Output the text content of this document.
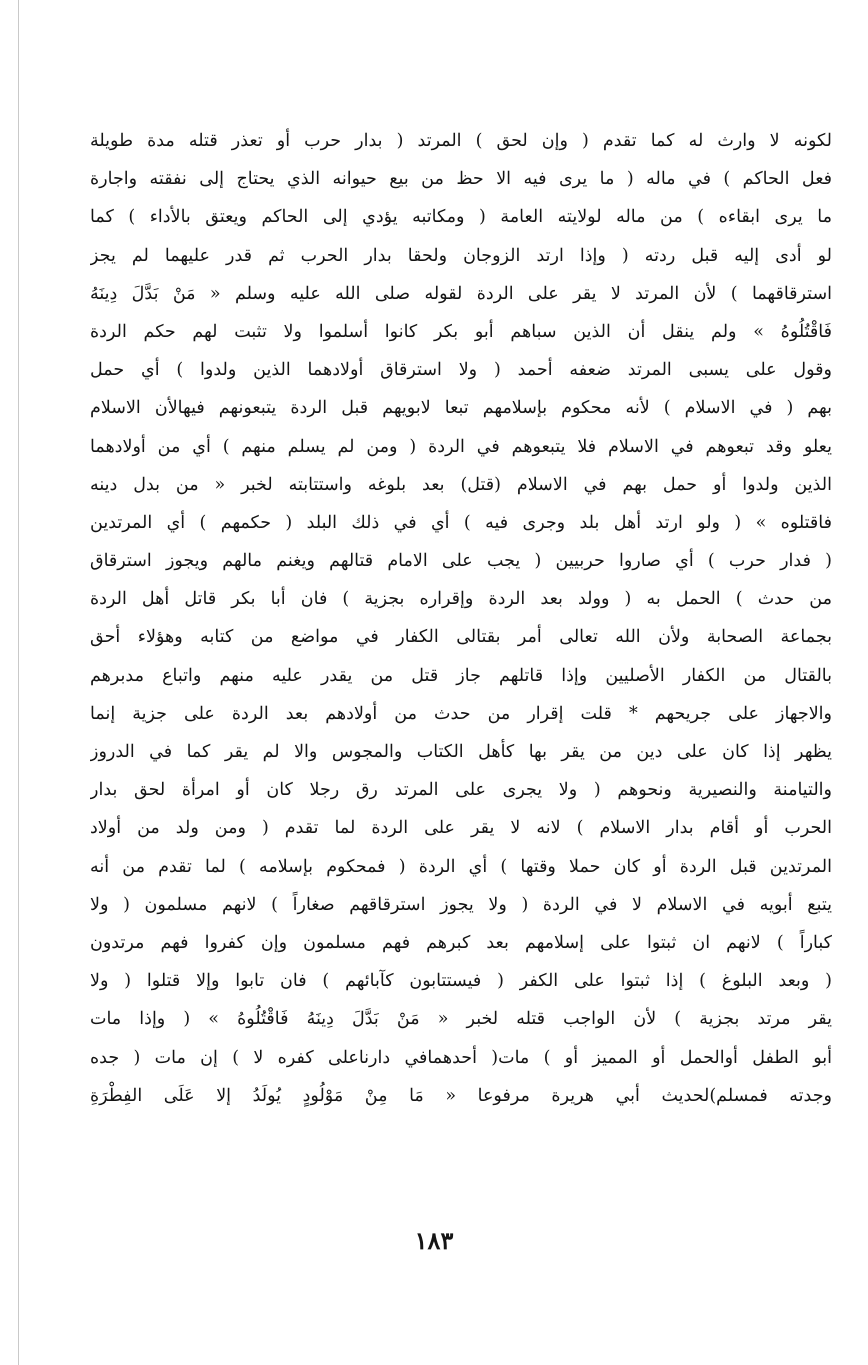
لكونه لا وارث له كما تقدم ( وإن لحق ) المرتد ( بدار حرب أو تعذر قتله مدة طويلة
فعل الحاكم ) في ماله ( ما يرى فيه الا حظ من بيع حيوانه الذي يحتاج إلى نفقته واجارة
ما يرى ابقاءه ) من ماله لولايته العامة ( ومكاتبه يؤدي إلى الحاكم ويعتق بالأداء ) كما
لو أدى إليه قبل ردته ( وإذا ارتد الزوجان ولحقا بدار الحرب ثم قدر عليهما لم يجز
استرقاقهما ) لأن المرتد لا يقر على الردة لقوله صلى الله عليه وسلم « مَنْ بَدَّلَ دِينَهُ
فَاقْتُلُوهُ » ولم ينقل أن الذين سباهم أبو بكر كانوا أسلموا ولا تثبت لهم حكم الردة
وقول على يسبى المرتد ضعفه أحمد ( ولا استرقاق أولادهما الذين ولدوا ) أي حمل
بهم ( في الاسلام ) لأنه محكوم بإسلامهم تبعا لابويهم قبل الردة يتبعونهم فيهالأن الاسلام
يعلو وقد تبعوهم في الاسلام فلا يتبعوهم في الردة ( ومن لم يسلم منهم ) أي من أولادهما
الذين ولدوا أو حمل بهم في الاسلام (قتل) بعد بلوغه واستتابته لخبر « من بدل دينه
فاقتلوه » ( ولو ارتد أهل بلد وجرى فيه ) أي في ذلك البلد ( حكمهم ) أي المرتدين
( فدار حرب ) أي صاروا حربيين ( يجب على الامام قتالهم ويغنم مالهم ويجوز استرقاق
من حدث ) الحمل به ( وولد بعد الردة وإقراره بجزية ) فان أبا بكر قاتل أهل الردة
بجماعة الصحابة ولأن الله تعالى أمر بقتالى الكفار في مواضع من كتابه وهؤلاء أحق
بالقتال من الكفار الأصليين وإذا قاتلهم جاز قتل من يقدر عليه منهم واتباع مدبرهم
والاجهاز على جريحهم * قلت إقرار من حدث من أولادهم بعد الردة على جزية إنما
يظهر إذا كان على دين من يقر بها كأهل الكتاب والمجوس والا لم يقر كما في الدروز
والتيامنة والنصيرية ونحوهم ( ولا يجرى على المرتد رق رجلا كان أو امرأة لحق بدار
الحرب أو أقام بدار الاسلام ) لانه لا يقر على الردة لما تقدم ( ومن ولد من أولاد
المرتدين قبل الردة أو كان حملا وقتها ) أي الردة ( فمحكوم بإسلامه ) لما تقدم من أنه
يتبع أبويه في الاسلام لا في الردة ( ولا يجوز استرقاقهم صغاراً ) لانهم مسلمون ( ولا
كباراً ) لانهم ان ثبتوا على إسلامهم بعد كبرهم فهم مسلمون وإن كفروا فهم مرتدون
( وبعد البلوغ ) إذا ثبتوا على الكفر ( فيستتابون كآبائهم ) فان تابوا وإلا قتلوا ( ولا
يقر مرتد بجزية ) لأن الواجب قتله لخبر « مَنْ بَدَّلَ دِينَهُ فَاقْتُلُوهُ » ( وإذا مات
أبو الطفل أوالحمل أو المميز أو ) مات( أحدهمافي دارناعلى كفره لا ) إن مات ( جده
وجدته فمسلم)لحديث أبي هريرة مرفوعا « مَا مِنْ مَوْلُودٍ يُولَدُ إلا عَلَى الفِطْرَةِ
١٨٣
